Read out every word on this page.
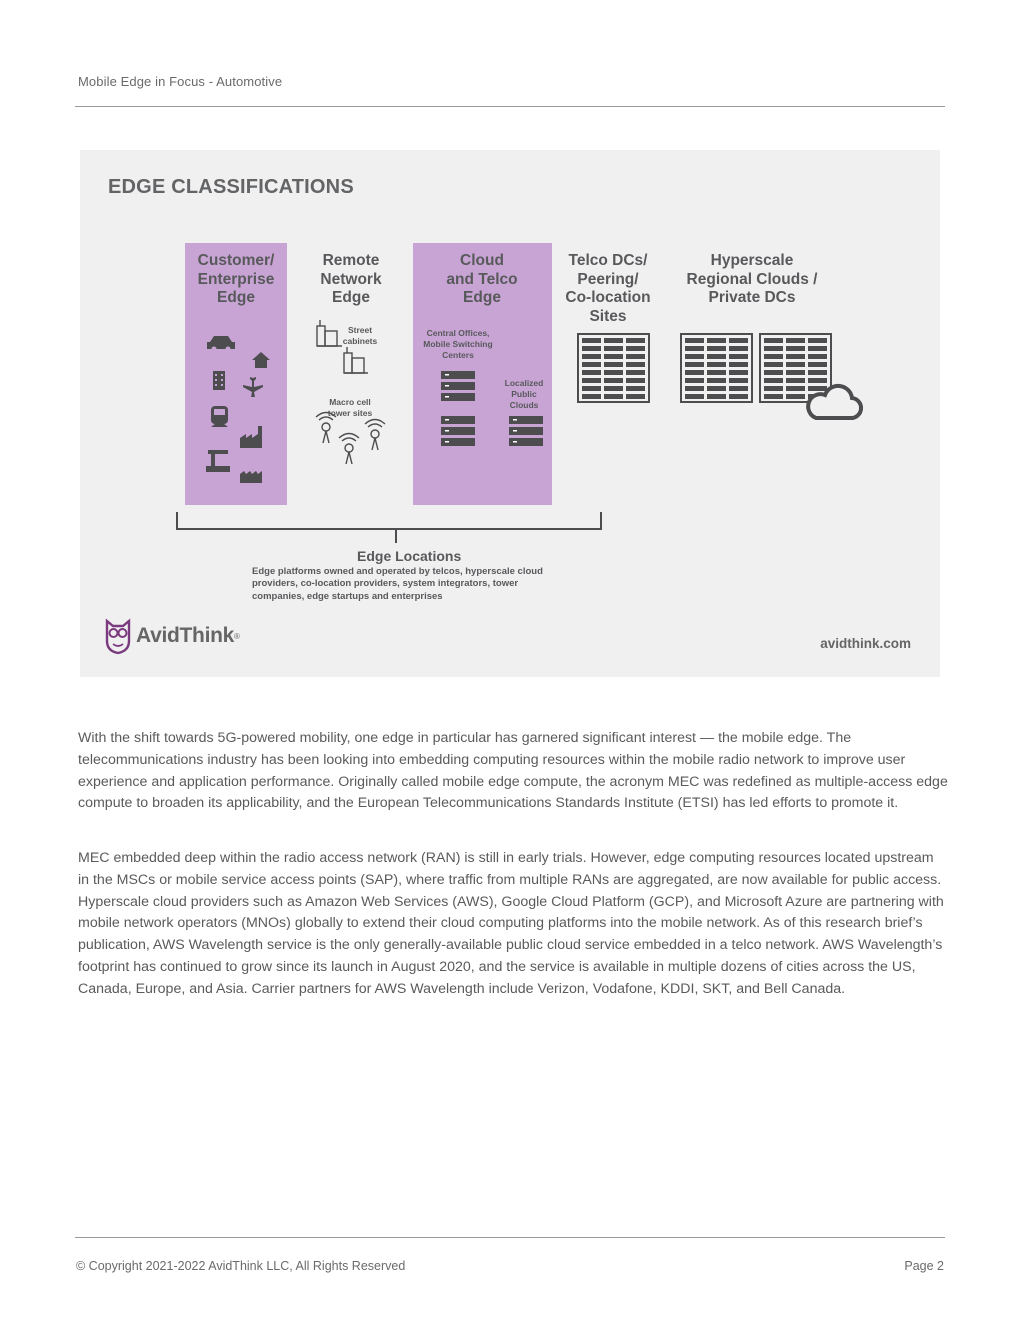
Mobile Edge in Focus - Automotive
EDGE CLASSIFICATIONS
Customer/ Enterprise Edge
Remote
Network
Edge
Cloud
and Telco
Edge
Telco DCs/
Peering/
Co-location
Sites
Hyperscale
Regional Clouds /
Private DCs
Street cabinets
Macro cell tower sites
Central Offices, Mobile Switching Centers
Localized Public Clouds
Edge Locations
Edge platforms owned and operated by telcos, hyperscale cloud providers, co-location providers, system integrators, tower companies, edge startups and enterprises
AvidThink ®	avidthink.com

With the shift towards 5G-powered mobility, one edge in particular has garnered significant interest — the mobile edge. The telecommunications industry has been looking into embedding computing resources within the mobile radio network to improve user experience and application performance. Originally called mobile edge compute, the acronym MEC was redefined as multiple-access edge compute to broaden its applicability, and the European Telecommunications Standards Institute (ETSI) has led efforts to promote it.

MEC embedded deep within the radio access network (RAN) is still in early trials. However, edge computing resources located upstream in the MSCs or mobile service access points (SAP), where traffic from multiple RANs are aggregated, are now available for public access. Hyperscale cloud providers such as Amazon Web Services (AWS), Google Cloud Platform (GCP), and Microsoft Azure are partnering with mobile network operators (MNOs) globally to extend their cloud computing platforms into the mobile network. As of this research brief’s publication, AWS Wavelength service is the only generally-available public cloud service embedded in a telco network. AWS Wavelength’s footprint has continued to grow since its launch in August 2020, and the service is available in multiple dozens of cities across the US, Canada, Europe, and Asia. Carrier partners for AWS Wavelength include Verizon, Vodafone, KDDI, SKT, and Bell Canada.

© Copyright 2021-2022 AvidThink LLC, All Rights Reserved	Page 2
